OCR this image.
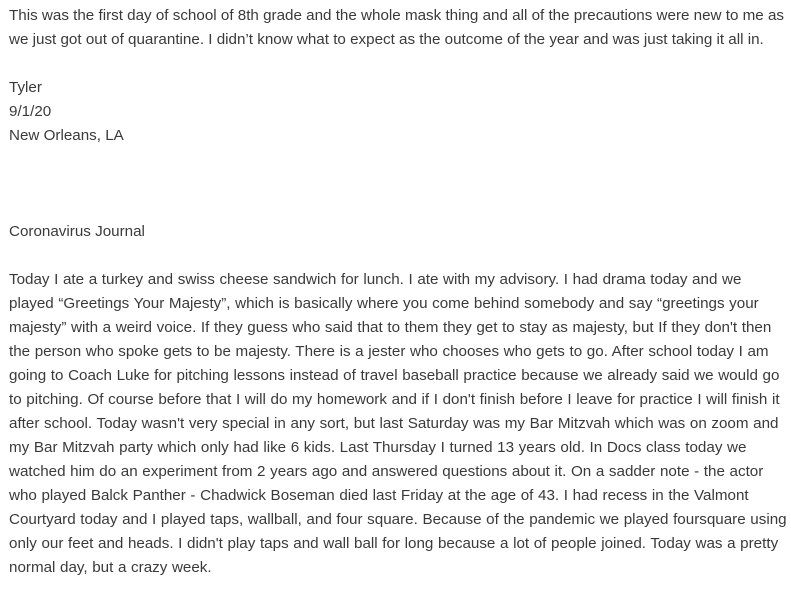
This was the first day of school of 8th grade and the whole mask thing and all of the precautions were new to me as we just got out of quarantine. I didn’t know what to expect as the outcome of the year and was just taking it all in.

Tyler
9/1/20
New Orleans, LA

Coronavirus Journal

Today I ate a turkey and swiss cheese sandwich for lunch. I ate with my advisory. I had drama today and we played “Greetings Your Majesty”, which is basically where you come behind somebody and say “greetings your majesty” with a weird voice. If they guess who said that to them they get to stay as majesty, but If they don't then the person who spoke gets to be majesty. There is a jester who chooses who gets to go. After school today I am going to Coach Luke for pitching lessons instead of travel baseball practice because we already said we would go to pitching. Of course before that I will do my homework and if I don't finish before I leave for practice I will finish it after school. Today wasn't very special in any sort, but last Saturday was my Bar Mitzvah which was on zoom and my Bar Mitzvah party which only had like 6 kids. Last Thursday I turned 13 years old. In Docs class today we watched him do an experiment from 2 years ago and answered questions about it. On a sadder note - the actor who played Balck Panther - Chadwick Boseman died last Friday at the age of 43. I had recess in the Valmont Courtyard today and I played taps, wallball, and four square. Because of the pandemic we played foursquare using only our feet and heads. I didn't play taps and wall ball for long because a lot of people joined. Today was a pretty normal day, but a crazy week.
